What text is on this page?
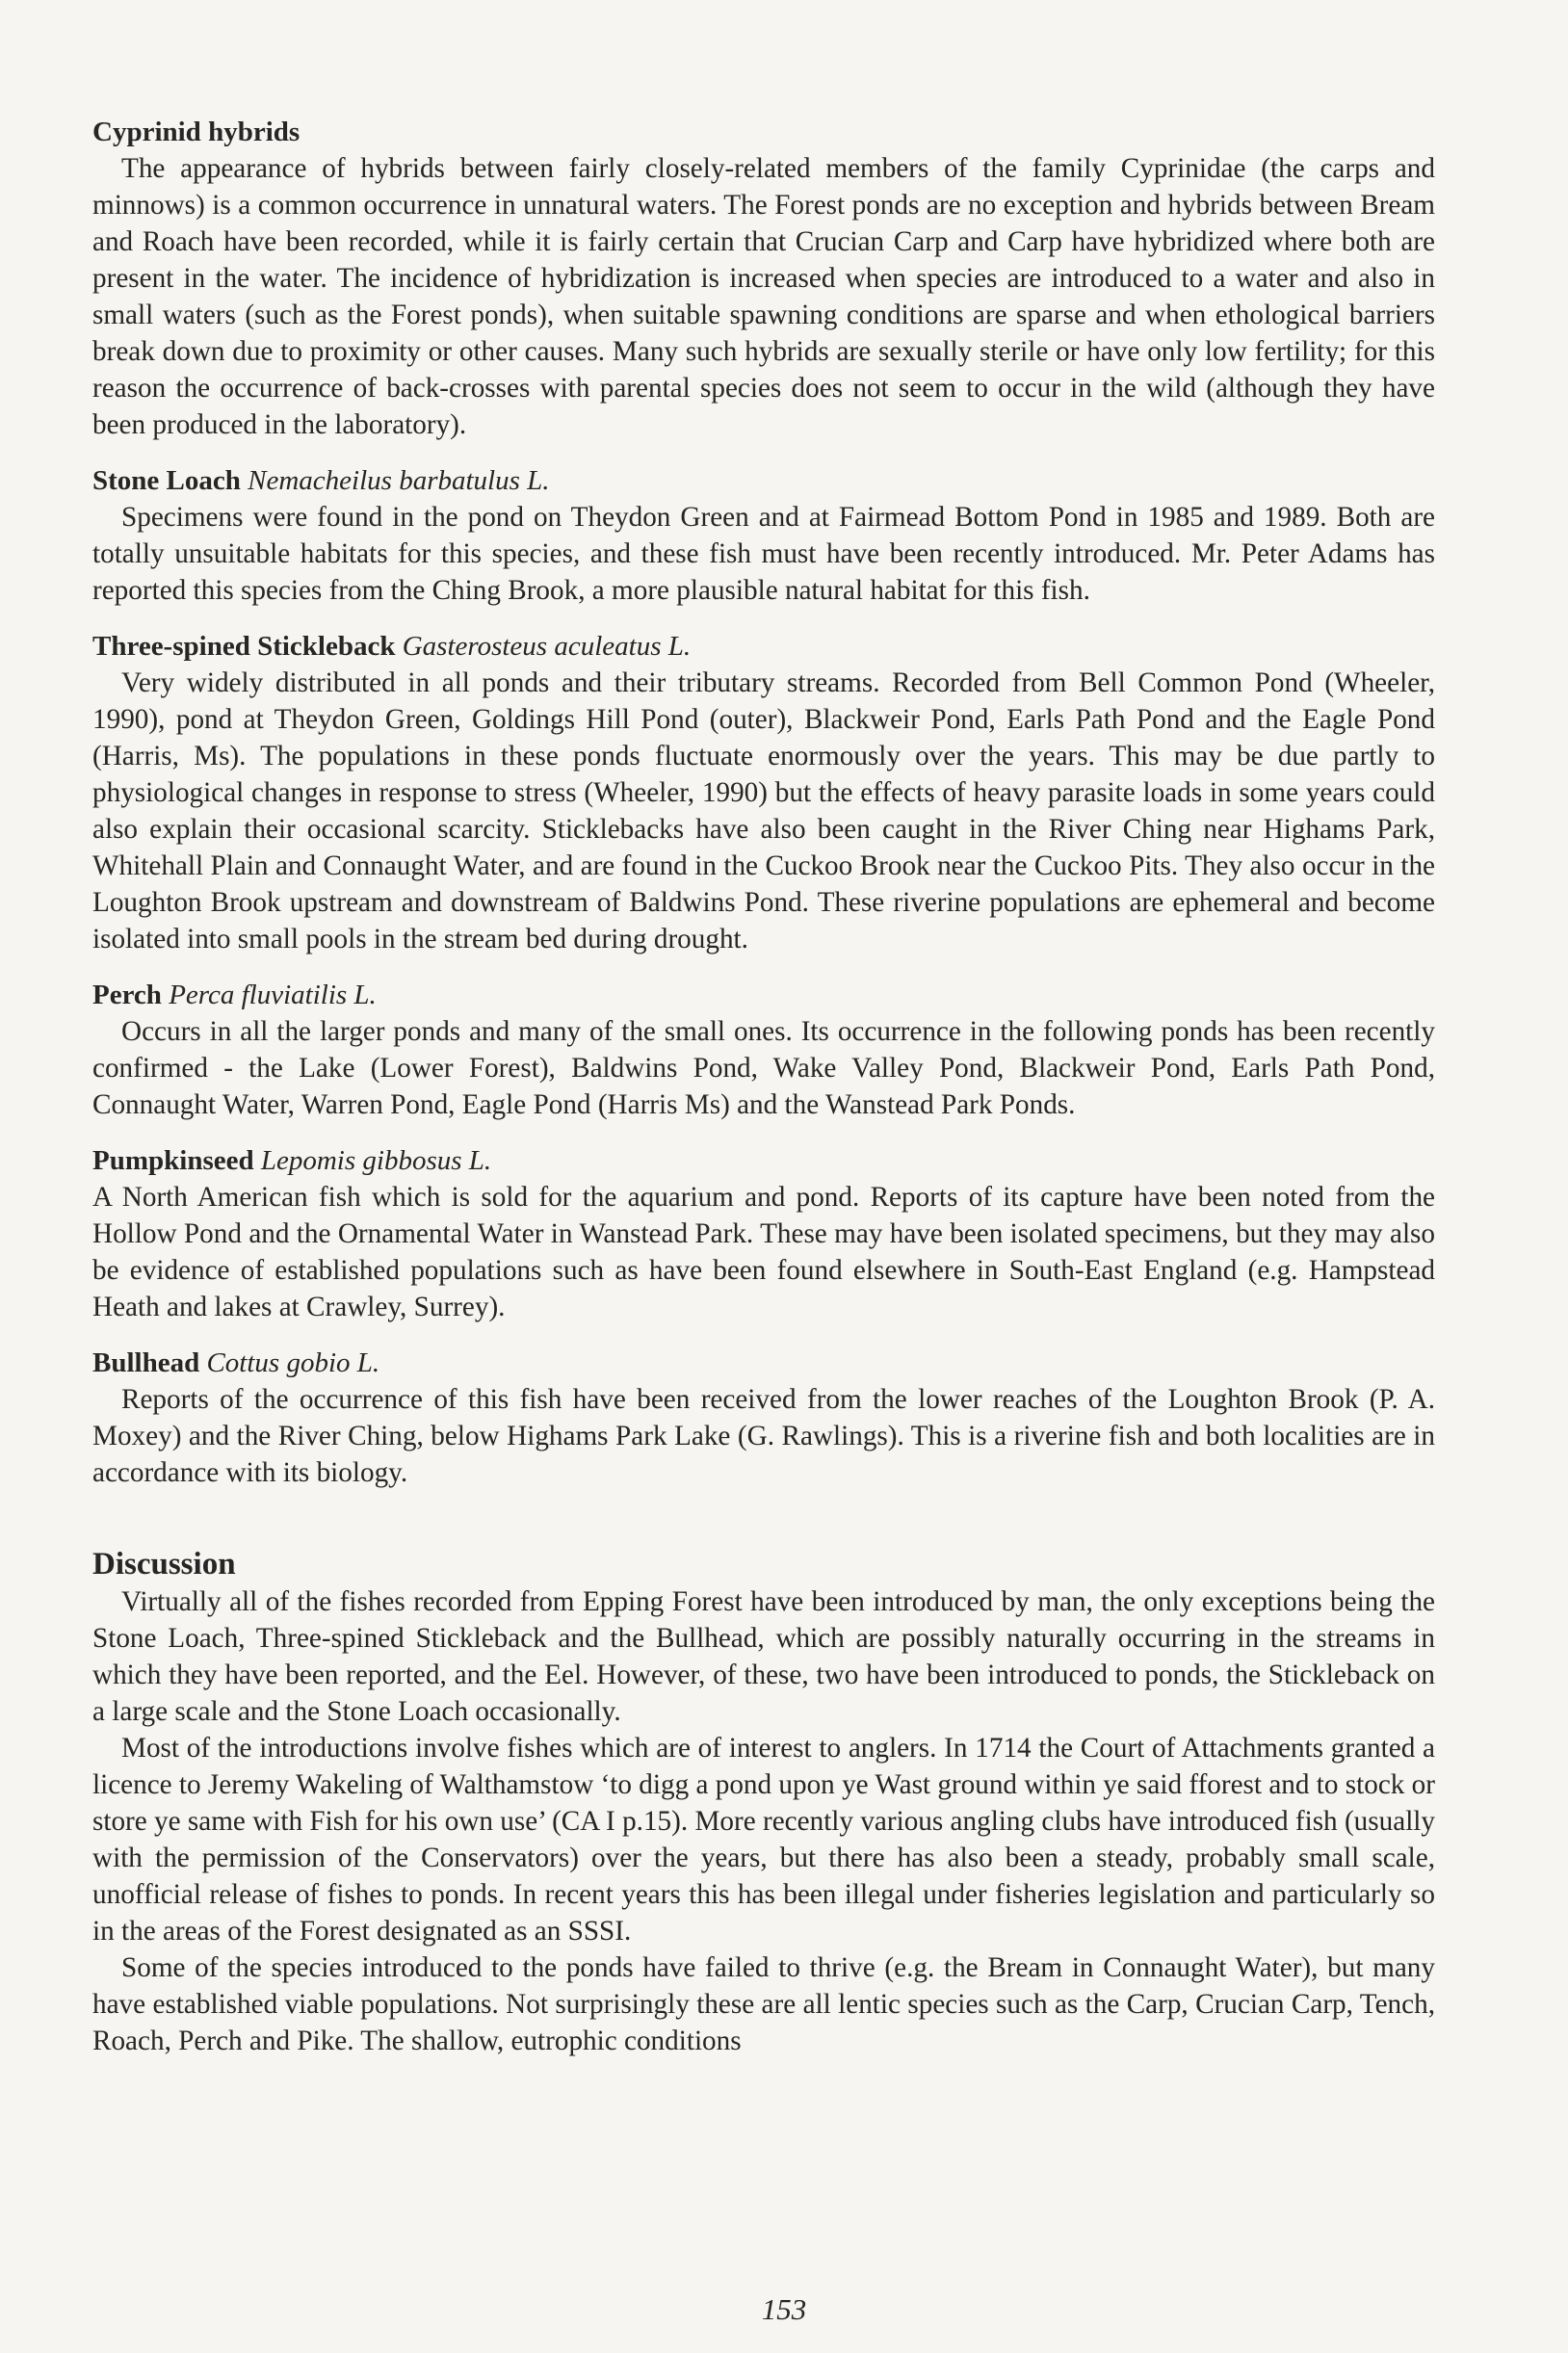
Cyprinid hybrids

The appearance of hybrids between fairly closely-related members of the family Cyprinidae (the carps and minnows) is a common occurrence in unnatural waters. The Forest ponds are no exception and hybrids between Bream and Roach have been recorded, while it is fairly certain that Crucian Carp and Carp have hybridized where both are present in the water. The incidence of hybridization is increased when species are introduced to a water and also in small waters (such as the Forest ponds), when suitable spawning conditions are sparse and when ethological barriers break down due to proximity or other causes. Many such hybrids are sexually sterile or have only low fertility; for this reason the occurrence of back-crosses with parental species does not seem to occur in the wild (although they have been produced in the laboratory).

Stone Loach Nemacheilus barbatulus L.

Specimens were found in the pond on Theydon Green and at Fairmead Bottom Pond in 1985 and 1989. Both are totally unsuitable habitats for this species, and these fish must have been recently introduced. Mr. Peter Adams has reported this species from the Ching Brook, a more plausible natural habitat for this fish.

Three-spined Stickleback Gasterosteus aculeatus L.

Very widely distributed in all ponds and their tributary streams. Recorded from Bell Common Pond (Wheeler, 1990), pond at Theydon Green, Goldings Hill Pond (outer), Blackweir Pond, Earls Path Pond and the Eagle Pond (Harris, Ms). The populations in these ponds fluctuate enormously over the years. This may be due partly to physiological changes in response to stress (Wheeler, 1990) but the effects of heavy parasite loads in some years could also explain their occasional scarcity. Sticklebacks have also been caught in the River Ching near Highams Park, Whitehall Plain and Connaught Water, and are found in the Cuckoo Brook near the Cuckoo Pits. They also occur in the Loughton Brook upstream and downstream of Baldwins Pond. These riverine populations are ephemeral and become isolated into small pools in the stream bed during drought.

Perch Perca fluviatilis L.

Occurs in all the larger ponds and many of the small ones. Its occurrence in the following ponds has been recently confirmed - the Lake (Lower Forest), Baldwins Pond, Wake Valley Pond, Blackweir Pond, Earls Path Pond, Connaught Water, Warren Pond, Eagle Pond (Harris Ms) and the Wanstead Park Ponds.

Pumpkinseed Lepomis gibbosus L.

A North American fish which is sold for the aquarium and pond. Reports of its capture have been noted from the Hollow Pond and the Ornamental Water in Wanstead Park. These may have been isolated specimens, but they may also be evidence of established populations such as have been found elsewhere in South-East England (e.g. Hampstead Heath and lakes at Crawley, Surrey).

Bullhead Cottus gobio L.

Reports of the occurrence of this fish have been received from the lower reaches of the Loughton Brook (P. A. Moxey) and the River Ching, below Highams Park Lake (G. Rawlings). This is a riverine fish and both localities are in accordance with its biology.

Discussion

Virtually all of the fishes recorded from Epping Forest have been introduced by man, the only exceptions being the Stone Loach, Three-spined Stickleback and the Bullhead, which are possibly naturally occurring in the streams in which they have been reported, and the Eel. However, of these, two have been introduced to ponds, the Stickleback on a large scale and the Stone Loach occasionally.

Most of the introductions involve fishes which are of interest to anglers. In 1714 the Court of Attachments granted a licence to Jeremy Wakeling of Walthamstow ‘to digg a pond upon ye Wast ground within ye said fforest and to stock or store ye same with Fish for his own use’ (CA I p.15). More recently various angling clubs have introduced fish (usually with the permission of the Conservators) over the years, but there has also been a steady, probably small scale, unofficial release of fishes to ponds. In recent years this has been illegal under fisheries legislation and particularly so in the areas of the Forest designated as an SSSI.

Some of the species introduced to the ponds have failed to thrive (e.g. the Bream in Connaught Water), but many have established viable populations. Not surprisingly these are all lentic species such as the Carp, Crucian Carp, Tench, Roach, Perch and Pike. The shallow, eutrophic conditions

153
